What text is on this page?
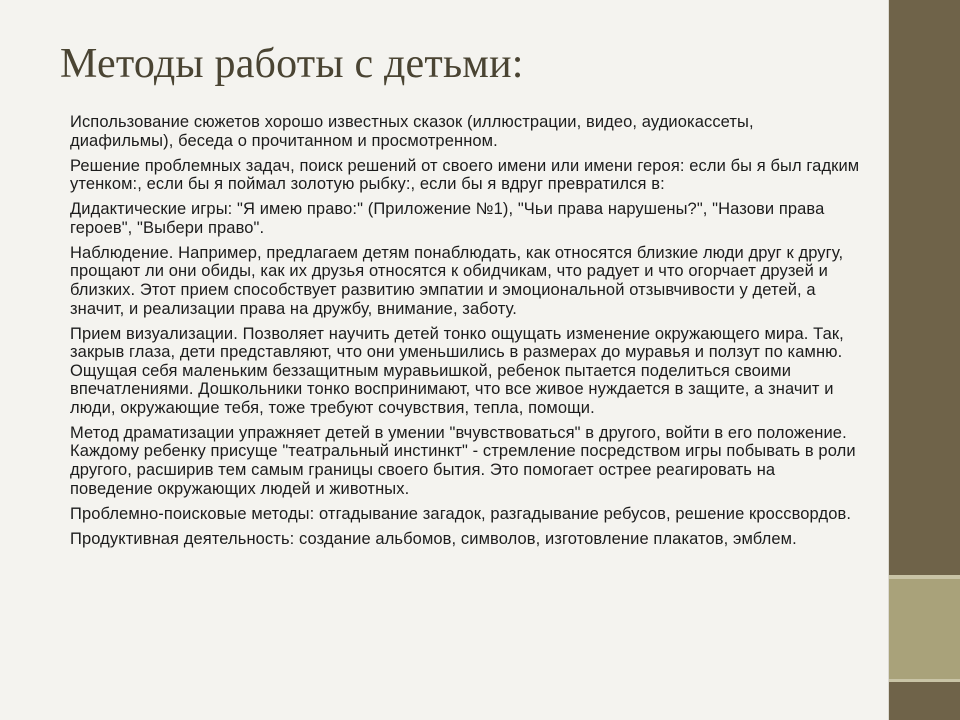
Методы работы с детьми:
Использование сюжетов хорошо известных сказок (иллюстрации, видео, аудиокассеты, диафильмы), беседа о прочитанном и просмотренном.
Решение проблемных задач, поиск решений от своего имени или имени героя: если бы я был гадким утенком:, если бы я поймал золотую рыбку:, если бы я вдруг превратился в:
Дидактические игры: "Я имею право:" (Приложение №1), "Чьи права нарушены?", "Назови права героев", "Выбери право".
Наблюдение. Например, предлагаем детям понаблюдать, как относятся близкие люди друг к другу, прощают ли они обиды, как их друзья относятся к обидчикам, что радует и что огорчает друзей и близких. Этот прием способствует развитию эмпатии и эмоциональной отзывчивости у детей, а значит, и реализации права на дружбу, внимание, заботу.
Прием визуализации. Позволяет научить детей тонко ощущать изменение окружающего мира. Так, закрыв глаза, дети представляют, что они уменьшились в размерах до муравья и ползут по камню. Ощущая себя маленьким беззащитным муравьишкой, ребенок пытается поделиться своими впечатлениями. Дошкольники тонко воспринимают, что все живое нуждается в защите, а значит и люди, окружающие тебя, тоже требуют сочувствия, тепла, помощи.
Метод драматизации упражняет детей в умении "вчувствоваться" в другого, войти в его положение. Каждому ребенку присуще "театральный инстинкт" - стремление посредством игры побывать в роли другого, расширив тем самым границы своего бытия. Это помогает острее реагировать на поведение окружающих людей и животных.
Проблемно-поисковые методы: отгадывание загадок, разгадывание ребусов, решение кроссвордов.
Продуктивная деятельность: создание альбомов, символов, изготовление плакатов, эмблем.
